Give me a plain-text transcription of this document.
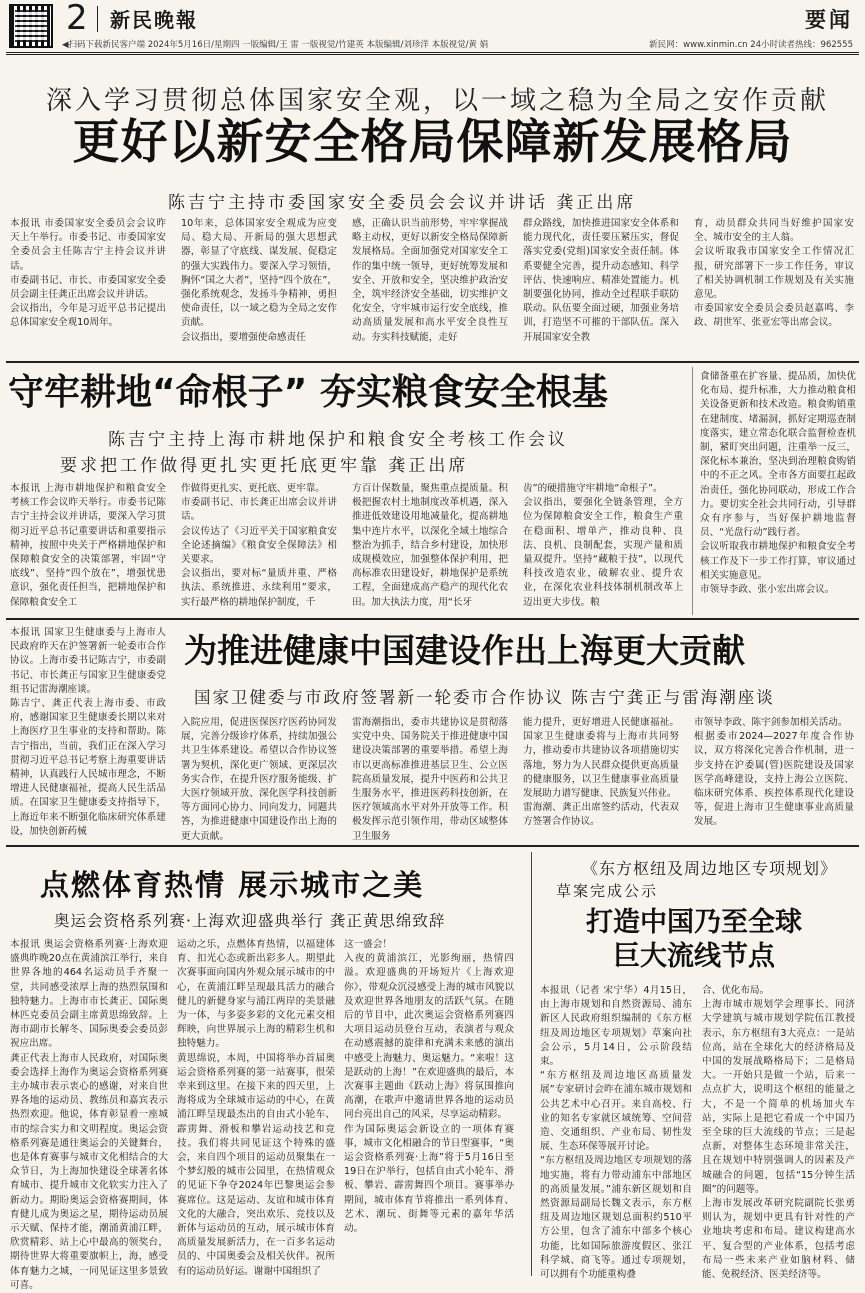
2 新民晚報	要闻
◀扫码下载新民客户端 2024年5月16日/星期四 一版编辑/王 雷 一版视觉/竹建英 本版编辑/刘珍洋 本版视觉/黄 娟	新民网：www.xinmin.cn 24小时读者热线：962555
深入学习贯彻总体国家安全观，以一域之稳为全局之安作贡献
更好以新安全格局保障新发展格局
陈吉宁主持市委国家安全委员会会议并讲话 龚正出席
本报讯 市委国家安全委员会会议昨天上午举行。市委书记、市委国家安全委员会主任陈吉宁主持会议并讲话。
市委副书记、市长、市委国家安全委员会副主任龚正出席会议并讲话。
会议指出，今年是习近平总书记提出总体国家安全观10周年。
10年来，总体国家安全观成为应变局、稳大局、开新局的强大思想武器，彰显了守底线、谋发展、促稳定的强大实践伟力。要深入学习领悟，胸怀“国之大者”，坚持“四个放在”，强化系统观念，发扬斗争精神，勇担使命责任，以一域之稳为全局之安作贡献。
会议指出，要增强使命感责任
感，正确认识当前形势，牢牢掌握战略主动权，更好以新安全格局保障新发展格局。全面加强党对国家安全工作的集中统一领导，更好统筹发展和安全、开放和安全，坚决维护政治安全，筑牢经济安全基础，切实维护文化安全，守牢城市运行安全底线，推动高质量发展和高水平安全良性互动。夯实科技赋能，走好
群众路线，加快推进国家安全体系和能力现代化，责任要压紧压实，督促落实党委(党组)国家安全责任制。体系要健全完善，提升动态感知、科学评估、快速响应、精准处置能力。机制要强化协同，推动全过程联手联防联动。队伍要全面过硬，加强业务培训，打造坚不可摧的干部队伍。深入开展国家安全教
育，动员群众共同当好维护国家安全、城市安全的主人翁。
会议听取我市国家安全工作情况汇报，研究部署下一步工作任务，审议了相关协调机制工作规划及有关实施意见。
市委国家安全委员会委员赵嘉鸣、李政、胡世军、张亚宏等出席会议。
守牢耕地“命根子” 夯实粮食安全根基
陈吉宁主持上海市耕地保护和粮食安全考核工作会议
要求把工作做得更扎实更托底更牢靠 龚正出席
本报讯 上海市耕地保护和粮食安全考核工作会议昨天举行。市委书记陈吉宁主持会议并讲话，要深入学习贯彻习近平总书记重要讲话和重要指示精神，按照中央关于严格耕地保护和保障粮食安全的决策部署，牢固“守底线”、坚持“四个放在”，增强忧患意识，强化责任担当，把耕地保护和保障粮食安全工
作做得更扎实、更托底、更牢靠。
市委副书记、市长龚正出席会议并讲话。
会议传达了《习近平关于国家粮食安全论述摘编》《粮食安全保障法》相关要求。
会议指出，要对标“量质并重、严格执法、系统推进、永续利用”要求，实行最严格的耕地保护制度，千
方百计保数量，聚焦重点提质量。积极把握农村土地制度改革机遇，深入推进低效建设用地减量化，提高耕地集中连片水平，以深化全域土地综合整治为抓手，结合乡村建设，加快形成规模效应，加强整体保护利用，把高标准农田建设好，耕地保护是系统工程，全面建成高产稳产的现代化农田。加大执法力度，用“长牙
齿”的硬措施守牢耕地“命根子”。
会议指出，要强化全链条管理，全方位为保障粮食安全工作，粮食生产重在稳面积、增单产，推动良种、良法、良机、良制配套，实现产量和质量双提升。坚持“藏粮于技”，以现代科技改造农业，破解农业、提升农业，在深化农业科技体制机制改革上迈出更大步伐。粮
食储备重在扩容量、提品质，加快优化布局、提升标准，大力推动粮食相关设备更新和技术改造。粮食购销重在建制度、堵漏洞，抓好定期巡查制度落实，建立常态化联合监督检查机制，紧盯突出问题，注重举一反三，深化标本兼治，坚决到治理粮食购销中的不正之风。全市各方面要扛起政治责任，强化协同联动，形成工作合力。要切实全社会共同行动，引导群众有序参与，当好保护耕地监督员、“光盘行动”践行者。
会议听取我市耕地保护和粮食安全考核工作及下一步工作打算，审议通过相关实施意见。
市领导李政、张小宏出席会议。
本报讯 国家卫生健康委与上海市人民政府昨天在沪签署新一轮委市合作协议。上海市委书记陈吉宁，市委副书记、市长龚正与国家卫生健康委党组书记雷海潮座谈。
陈吉宁、龚正代表上海市委、市政府，感谢国家卫生健康委长期以来对上海医疗卫生事业的支持和帮助。陈吉宁指出，当前，我们正在深入学习贯彻习近平总书记考察上海重要讲话精神，认真践行人民城市理念，不断增进人民健康福祉，提高人民生活品质。在国家卫生健康委支持指导下，上海近年来不断强化临床研究体系建设，加快创新药械
为推进健康中国建设作出上海更大贡献
国家卫健委与市政府签署新一轮委市合作协议 陈吉宁龚正与雷海潮座谈
入院应用，促进医保医疗医药协同发展，完善分级诊疗体系，持续加强公共卫生体系建设。希望以合作协议签署为契机，深化更广领域、更深层次务实合作，在提升医疗服务能级、扩大医疗领域开放、深化医学科技创新等方面同心协力、同向发力，同题共答，为推进健康中国建设作出上海的更大贡献。
雷海潮指出，委市共建协议是贯彻落实党中央、国务院关于推进健康中国建设决策部署的重要举措。希望上海市以更高标准推进基层卫生、公立医院高质量发展，提升中医药和公共卫生服务水平，推进医药科技创新，在医疗领域高水平对外开放等工作。积极发挥示范引领作用，带动区域整体卫生服务
能力提升，更好增进人民健康福祉。国家卫生健康委将与上海市共同努力，推动委市共建协议各项措施切实落地，努力为人民群众提供更高质量的健康服务，以卫生健康事业高质量发展助力谱写健康、民族复兴伟业。
雷海潮、龚正出席签约活动，代表双方签署合作协议。
市领导李政、陈宇剑参加相关活动。
根据委市2024—2027年度合作协议，双方将深化完善合作机制，进一步支持在沪委属(管)医院建设及国家医学高峰建设，支持上海公立医院、临床研究体系、疾控体系现代化建设等，促进上海市卫生健康事业高质量发展。
点燃体育热情 展示城市之美
奥运会资格系列赛·上海欢迎盛典举行 龚正黄思绵致辞
本报讯 奥运会资格系列赛·上海欢迎盛典昨晚20点在黄浦滨江举行，来自世界各地的464名运动员手齐聚一堂，共同感受浓厚上海的热烈氛围和独特魅力。上海市市长龚正、国际奥林匹克委员会副主席黄思绵致辞。上海市副市长解冬、国际奥委会委员彭祝应出席。
龚正代表上海市人民政府，对国际奥委会选择上海作为奥运会资格系列赛主办城市表示衷心的感谢，对来自世界各地的运动员、教练员和嘉宾表示热烈欢迎。他说，体育彰显着一座城市的综合实力和文明程度。奥运会资格系列赛是通往奥运会的关键舞台，也是体育赛事与城市文化相结合的大众节日，为上海加快建设全球著名体育城市、提升城市文化软实力注入了新动力。期盼奥运会资格赛期间，体育健儿成为奥运之星，期待运动员展示天赋、保持才能，潮涌黄浦江畔，欣赏精彩、站上心中最高的领奖台，期待世界大将重要旗帜上，海，感受体育魅力之城，一同见证这里多景致可喜。
运动之乐，点燃体育热情，以福建体育、扣光心态或新出彩多人。期望此次赛事面向国内外观众展示城市的中心，在黄浦江畔呈现最具活力的融合健儿的新健身家与浦江两岸的美景融为一体，与多姿多彩的文化元素交相辉映，向世界展示上海的精彩生机和独特魅力。
黄思绵说，本周，中国将举办首届奥运会资格系列赛的第一站赛事，很荣幸来到这里。在接下来的四天里，上海将成为全球城市运动的中心，在黄浦江畔呈现最杰出的自由式小轮车、霹雳舞、滑板和攀岩运动技艺和竞技。我们将共同见证这个特殊的盛会，来自四个项目的运动员聚集在一个梦幻般的城市公园里，在热情观众的见证下争夺2024年巴黎奥运会参赛席位。这是运动、友谊和城市体育文化的大融合，突出欢乐、竞技以及新体与运动员的互动，展示城市体育高质量发展新活力，在一百多名运动员的、中国奥委会及相关伙伴。祝所有的运动员好运。谢谢中国组织了
这一盛会！
入夜的黄浦滨江，光影绚丽，热情四溢。欢迎盛典的开场短片《上海欢迎你》，带观众沉浸感受上海的城市风貌以及欢迎世界各地朋友的活跃气氛。在随后的节目中，此次奥运会资格系列赛四大项目运动员登台互动，表演者与观众在动感震撼的旋律和充满未来感的演出中感受上海魅力、奥运魅力。“来啦！这是跃动的上海！”在欢迎盛典的最后，本次赛事主题曲《跃动上海》将氛围推向高潮，在歌声中邀请世界各地的运动员同台亮出自己的风采，尽享运动精彩。
作为国际奥运会新设立的一项体育赛事，城市文化相融合的节日型赛事，“奥运会资格系列赛·上海”将于5月16日至19日在沪举行，包括自由式小轮车、滑板、攀岩、霹雳舞四个项目。赛事举办期间，城市体育节将推出一系列体育、艺术、潮玩、街舞等元素的嘉年华活动。
《东方枢纽及周边地区专项规划》
草案完成公示
打造中国乃至全球
巨大流线节点
本报讯（记者 宋宁华）4月15日，由上海市规划和自然资源局、浦东新区人民政府组织编制的《东方枢纽及周边地区专项规划》草案向社会公示，5月14日，公示阶段结束。
“东方枢纽及周边地区高质量发展”专家研讨会昨在浦东城市规划和公共艺术中心召开。来自高校、行业的知名专家就区域统筹、空间营造、交通组织、产业布局、韧性发展、生态环保等展开讨论。
“东方枢纽及周边地区专项规划的落地实施，将有力带动浦东中部地区的高质量发展。”浦东新区规划和自然资源局副局长魏文表示，东方枢纽及周边地区规划总面积约510平方公里，包含了浦东中部多个核心功能，比如国际旅游度假区、张江科学城、商飞等。通过专项规划，可以拥有个功能重构叠
合、优化布局。
上海市城市规划学会理事长、同济大学建筑与城市规划学院伍江教授表示，东方枢纽有3大亮点：一是站位高，站在全球化大的经济格局及中国的发展战略格局下；二是格局大。一开始只是做一个站，后来一点点扩大，说明这个枢纽的能量之大，不是一个简单的机场加火车站，实际上是把它看成一个中国乃至全球的巨大流线的节点；三是起点新，对整体生态环境非常关注，且在规划中特别强调人的因素及产城融合的问题，包括“15分钟生活圈”的问题等。
上海市发展改革研究院副院长张勇则认为，规划中更具有针对性的产业地块考虑和布局。建议构建高水平、复合型的产业体系，包括考虑布局一些未来产业如脑材料、储能、免税经济、医美经济等。
